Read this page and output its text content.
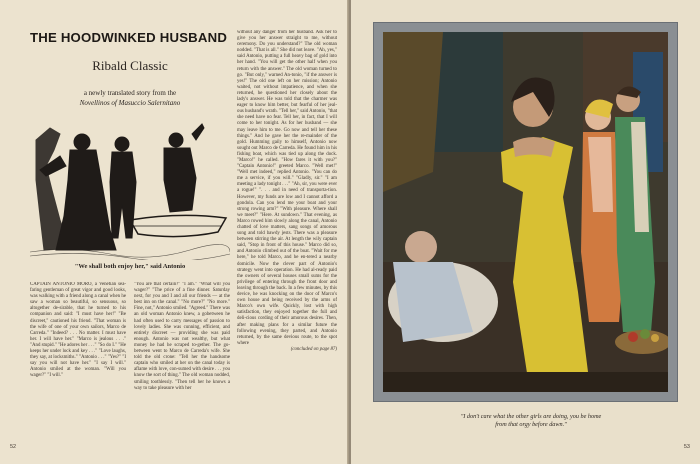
THE HOODWINKED HUSBAND
Ribald Classic
a newly translated story from the
Novellinos of Masuccio Salernitano
"We shall both enjoy her," said Antonio

CAPTAIN ANTONIO MORO, a Venetian sea-faring gentleman of great vigor and good looks, was walking with a friend along a canal when he saw a woman so beautiful, so sensuous, so altogether de-sirable, that he turned to his companion and said: "I must have her!" "Be discreet," cautioned his friend. "That woman is the wife of one of your own sailors, Marco de Carreda." "Indeed? . . . No matter. I must have her. I will have her." "Marco is jealous . . ." "And stupid." "He adores her . . ." "So do I." "He keeps her under lock and key . . ." "Love laughs, they say, at locksmiths." "Antonio . . ." "Yes?" "I say you will not have her." "I say I will." Antonio smiled at the woman. "Will you wager?" "I will."

"You are that certain?" "I am." "What will you wager?" "The price of a fine dinner. Saturday next, for you and I and all our friends — at the best inn on the canal." "No more?" "No more." Fine, not," Antonio smiled. "Agreed." There was an old woman Antonio knew, a gobetween he had often used to carry messages of passion to lovely ladies. She was cunning, efficient, and entirely discreet — providing she was paid enough. Antonio was not wealthy, but what money he had he scraped to-gether. The go-between went to Marco de Carreda's wife. She told the old crone: "Tell her the handsome captain who smiled at her on the canal today is aflame with love, con-sumed with desire . . . you know the sort of thing." The old woman nodded, smiling toothlessly. "Then tell her he knows a way to take pleasure with her

without any danger from her husband. Ask her to give you her answer straight to me, without ceremony. Do you understand?" The old woman nodded. "That is all." She did not leave. "Ah, yes," said Antonio, putting a full heavy bag of gold into her hand. "You will get the other half when you return with the answer." The old woman turned to go. "But only," warned An-tonio, "if the answer is yes!" The old one left on her mission; Antonio waited, not without impatience, and when she returned, he questioned her closely about the lady's answer. He was told that the charmer was eager to know him better, but fearful of her jeal-ous husband's wrath. "Tell her," said Antonio, "that she need have no fear. Tell her, in fact, that I will come to her tonight. As for her husband — she may leave him to me. Go now and tell her these things." And he gave her the re-mainder of the gold. Humming gaily to himself, Antonio now sought out Marco de Carreda. He found him in his fishing boat, which was tied up along the dock. "Marco!" he called. "How fares it with you?" "Captain Antonio!" greeted Marco. "Well met!" "Well met indeed," replied Antonio. "You can do me a service, if you will." "Gladly, sir." "I am meeting a lady tonight . . ." "Ah, sir, you were ever a rogue!" ". . . and in need of transporta-tion. However, my funds are low and I cannot afford a gondola. Can you lend me your boat and your strong rowing arm?" "With pleasure. Where shall we meet?" "Here. At sundown." That evening, as Marco rowed him slowly along the canal, Antonio chatted of love matters, sang songs of amorous song and told bawdy jests. There was a pleasure between stirring the air. At length the wily captain said, "Stop in front of this house." Marco did so, and Antonio climbed out of the boat. "Wait for me here," he told Marco, and he en-tered a nearby domicile. Now the clever part of Antonio's strategy went into operation. He had al-ready paid the owners of several houses small sums for the privilege of entering through the front door and leaving through the back. In a few minutes, by this device, he was knocking on the door of Marco's own house and being received by the arms of Marco's own wife. Quickly, lost with high satisfaction, they enjoyed together the full and deli-cious cording of their amorous desires. Then, after making plans for a similar future the following evening, they parted, and Antonio returned, by the same devious route, to the spot where

(concluded on page 87)

52
"I don't care what the other girls are doing, you be home
from that orgy before dawn."
53
